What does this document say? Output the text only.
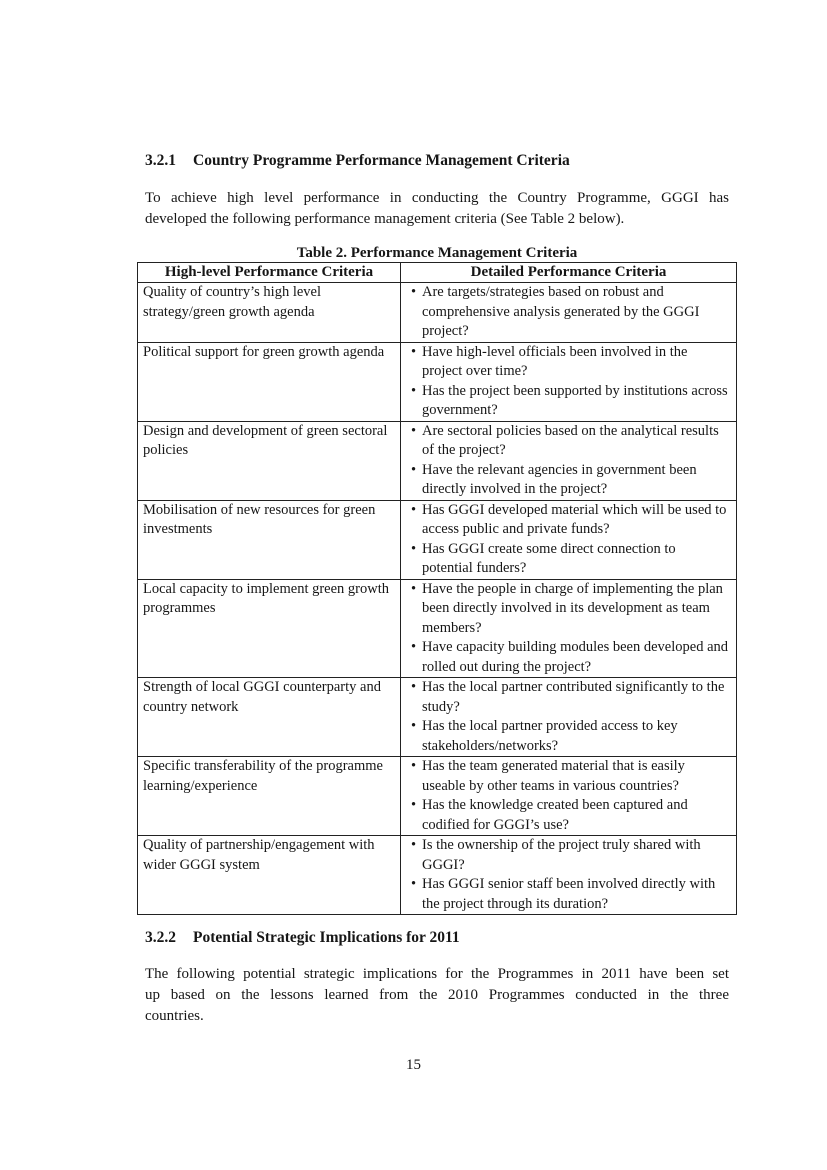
3.2.1 Country Programme Performance Management Criteria
To achieve high level performance in conducting the Country Programme, GGGI has
developed the following performance management criteria (See Table 2 below).
Table 2. Performance Management Criteria
High-level Performance Criteria	Detailed Performance Criteria
Quality of country’s high level strategy/green growth agenda	• Are targets/strategies based on robust and comprehensive analysis generated by the GGGI project?

Political support for green growth agenda	• Have high-level officials been involved in the project over time?
• Has the project been supported by institutions across government?

Design and development of green sectoral policies	• Are sectoral policies based on the analytical results of the project?
• Have the relevant agencies in government been directly involved in the project?

Mobilisation of new resources for green investments	• Has GGGI developed material which will be used to access public and private funds?
• Has GGGI create some direct connection to potential funders?

Local capacity to implement green growth programmes	• Have the people in charge of implementing the plan been directly involved in its development as team members?
• Have capacity building modules been developed and rolled out during the project?

Strength of local GGGI counterparty and country network	• Has the local partner contributed significantly to the study?
• Has the local partner provided access to key stakeholders/networks?

Specific transferability of the programme learning/experience	• Has the team generated material that is easily useable by other teams in various countries?
• Has the knowledge created been captured and codified for GGGI’s use?

Quality of partnership/engagement with wider GGGI system	• Is the ownership of the project truly shared with GGGI?
• Has GGGI senior staff been involved directly with the project through its duration?
3.2.2 Potential Strategic Implications for 2011
The following potential strategic implications for the Programmes in 2011 have been set
up based on the lessons learned from the 2010 Programmes conducted in the three
countries.
15
